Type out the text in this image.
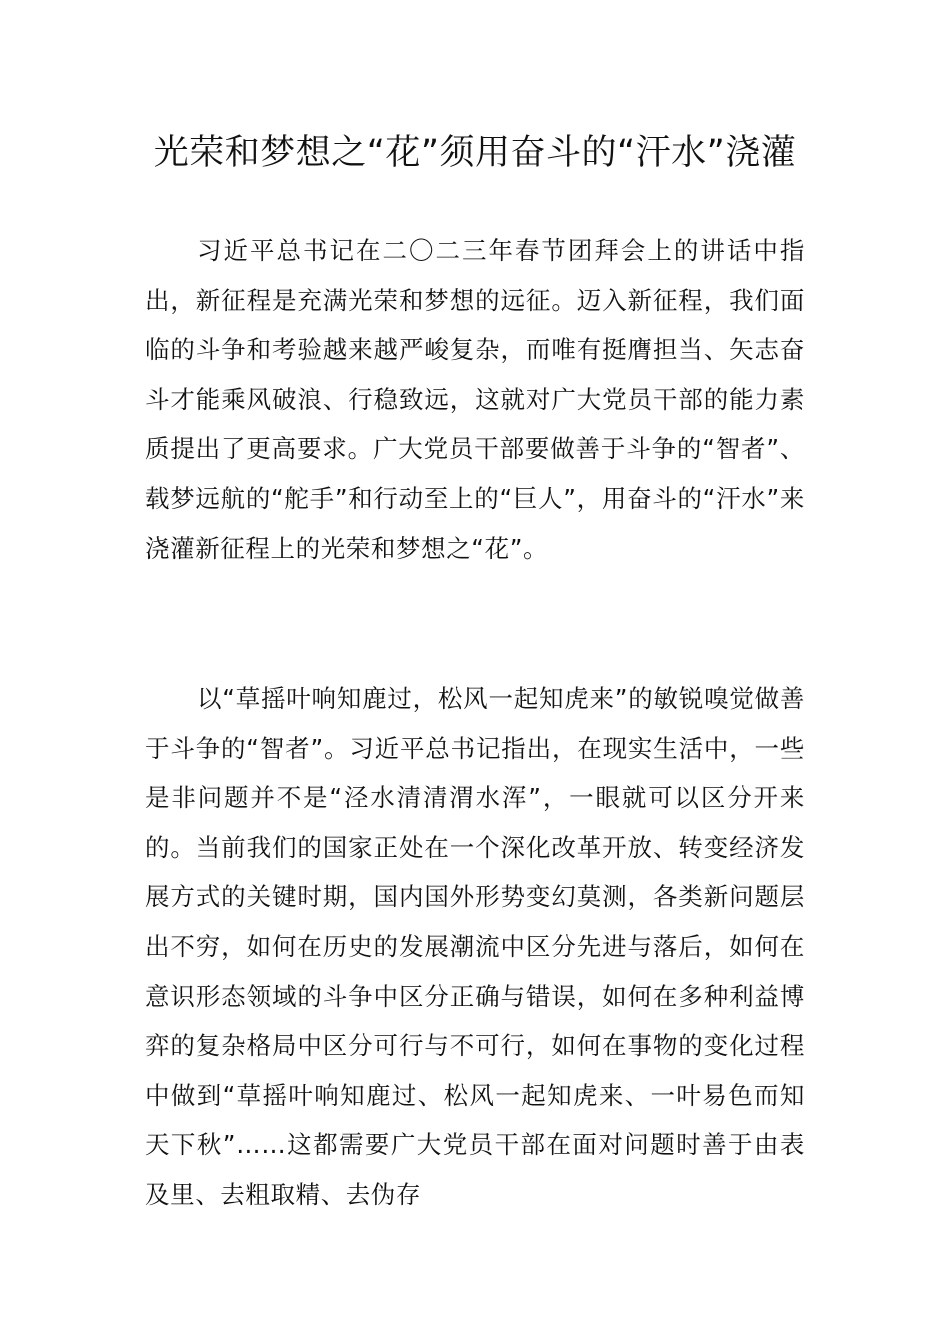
光荣和梦想之“花”须用奋斗的“汗水”浇灌

习近平总书记在二〇二三年春节团拜会上的讲话中指出，新征程是充满光荣和梦想的远征。迈入新征程，我们面临的斗争和考验越来越严峻复杂，而唯有挺膺担当、矢志奋斗才能乘风破浪、行稳致远，这就对广大党员干部的能力素质提出了更高要求。广大党员干部要做善于斗争的“智者”、载梦远航的“舵手”和行动至上的“巨人”，用奋斗的“汗水”来浇灌新征程上的光荣和梦想之“花”。

以“草摇叶响知鹿过，松风一起知虎来”的敏锐嗅觉做善于斗争的“智者”。习近平总书记指出，在现实生活中，一些是非问题并不是“泾水清清渭水浑”，一眼就可以区分开来的。当前我们的国家正处在一个深化改革开放、转变经济发展方式的关键时期，国内国外形势变幻莫测，各类新问题层出不穷，如何在历史的发展潮流中区分先进与落后，如何在意识形态领域的斗争中区分正确与错误，如何在多种利益博弈的复杂格局中区分可行与不可行，如何在事物的变化过程中做到“草摇叶响知鹿过、松风一起知虎来、一叶易色而知天下秋”……这都需要广大党员干部在面对问题时善于由表及里、去粗取精、去伪存
